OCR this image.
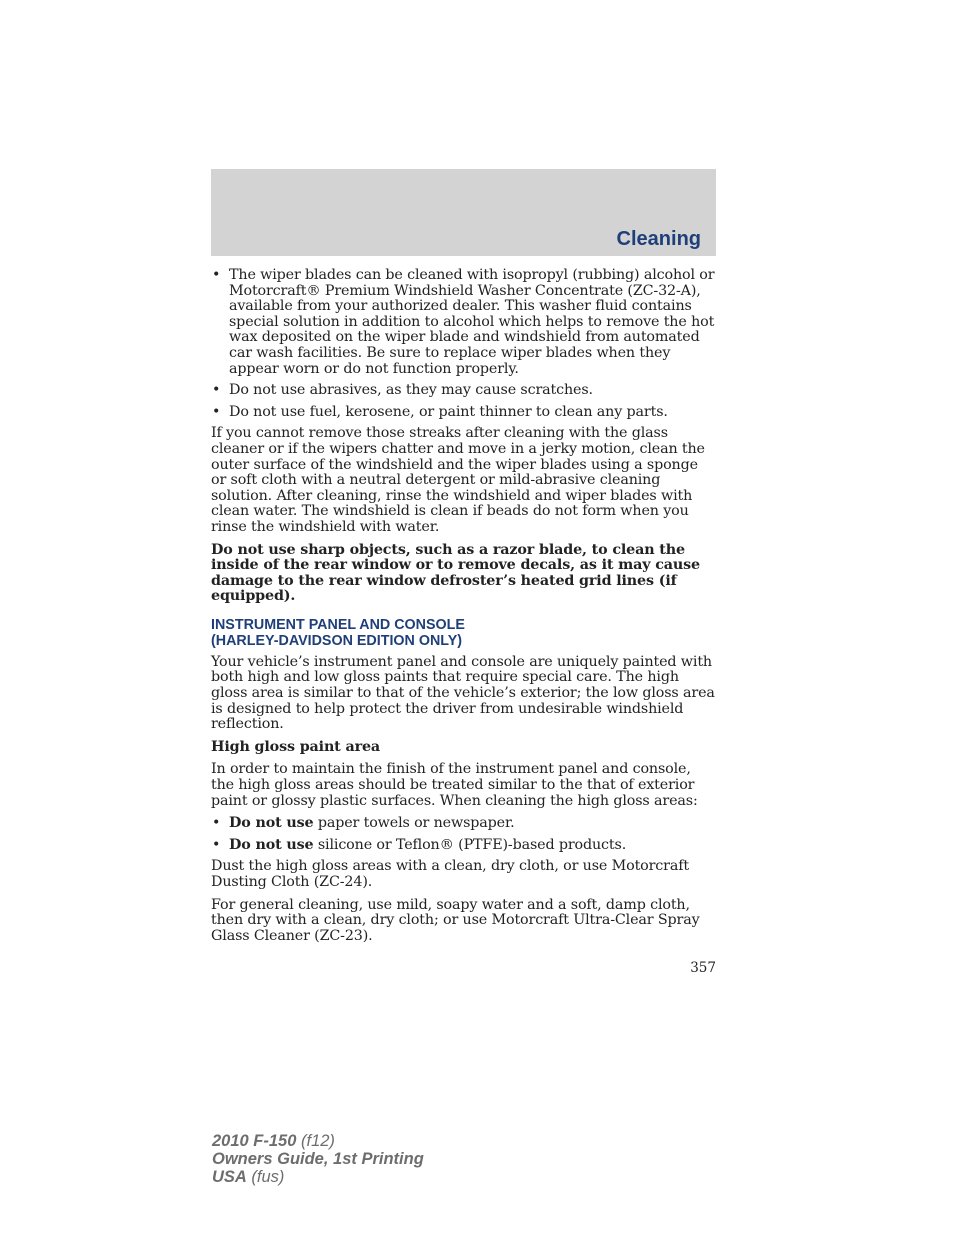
Cleaning
• The wiper blades can be cleaned with isopropyl (rubbing) alcohol or Motorcraft® Premium Windshield Washer Concentrate (ZC-32-A), available from your authorized dealer. This washer fluid contains special solution in addition to alcohol which helps to remove the hot wax deposited on the wiper blade and windshield from automated car wash facilities. Be sure to replace wiper blades when they appear worn or do not function properly.
• Do not use abrasives, as they may cause scratches.
• Do not use fuel, kerosene, or paint thinner to clean any parts.

If you cannot remove those streaks after cleaning with the glass cleaner or if the wipers chatter and move in a jerky motion, clean the outer surface of the windshield and the wiper blades using a sponge or soft cloth with a neutral detergent or mild-abrasive cleaning solution. After cleaning, rinse the windshield and wiper blades with clean water. The windshield is clean if beads do not form when you rinse the windshield with water.

Do not use sharp objects, such as a razor blade, to clean the inside of the rear window or to remove decals, as it may cause damage to the rear window defroster’s heated grid lines (if equipped).

INSTRUMENT PANEL AND CONSOLE
(HARLEY-DAVIDSON EDITION ONLY)

Your vehicle’s instrument panel and console are uniquely painted with both high and low gloss paints that require special care. The high gloss area is similar to that of the vehicle’s exterior; the low gloss area is designed to help protect the driver from undesirable windshield reflection.

High gloss paint area

In order to maintain the finish of the instrument panel and console, the high gloss areas should be treated similar to the that of exterior paint or glossy plastic surfaces. When cleaning the high gloss areas:

• Do not use paper towels or newspaper.
• Do not use silicone or Teflon® (PTFE)-based products.

Dust the high gloss areas with a clean, dry cloth, or use Motorcraft Dusting Cloth (ZC-24).

For general cleaning, use mild, soapy water and a soft, damp cloth, then dry with a clean, dry cloth; or use Motorcraft Ultra-Clear Spray Glass Cleaner (ZC-23).

357
2010 F-150 (f12)
Owners Guide, 1st Printing
USA (fus)
